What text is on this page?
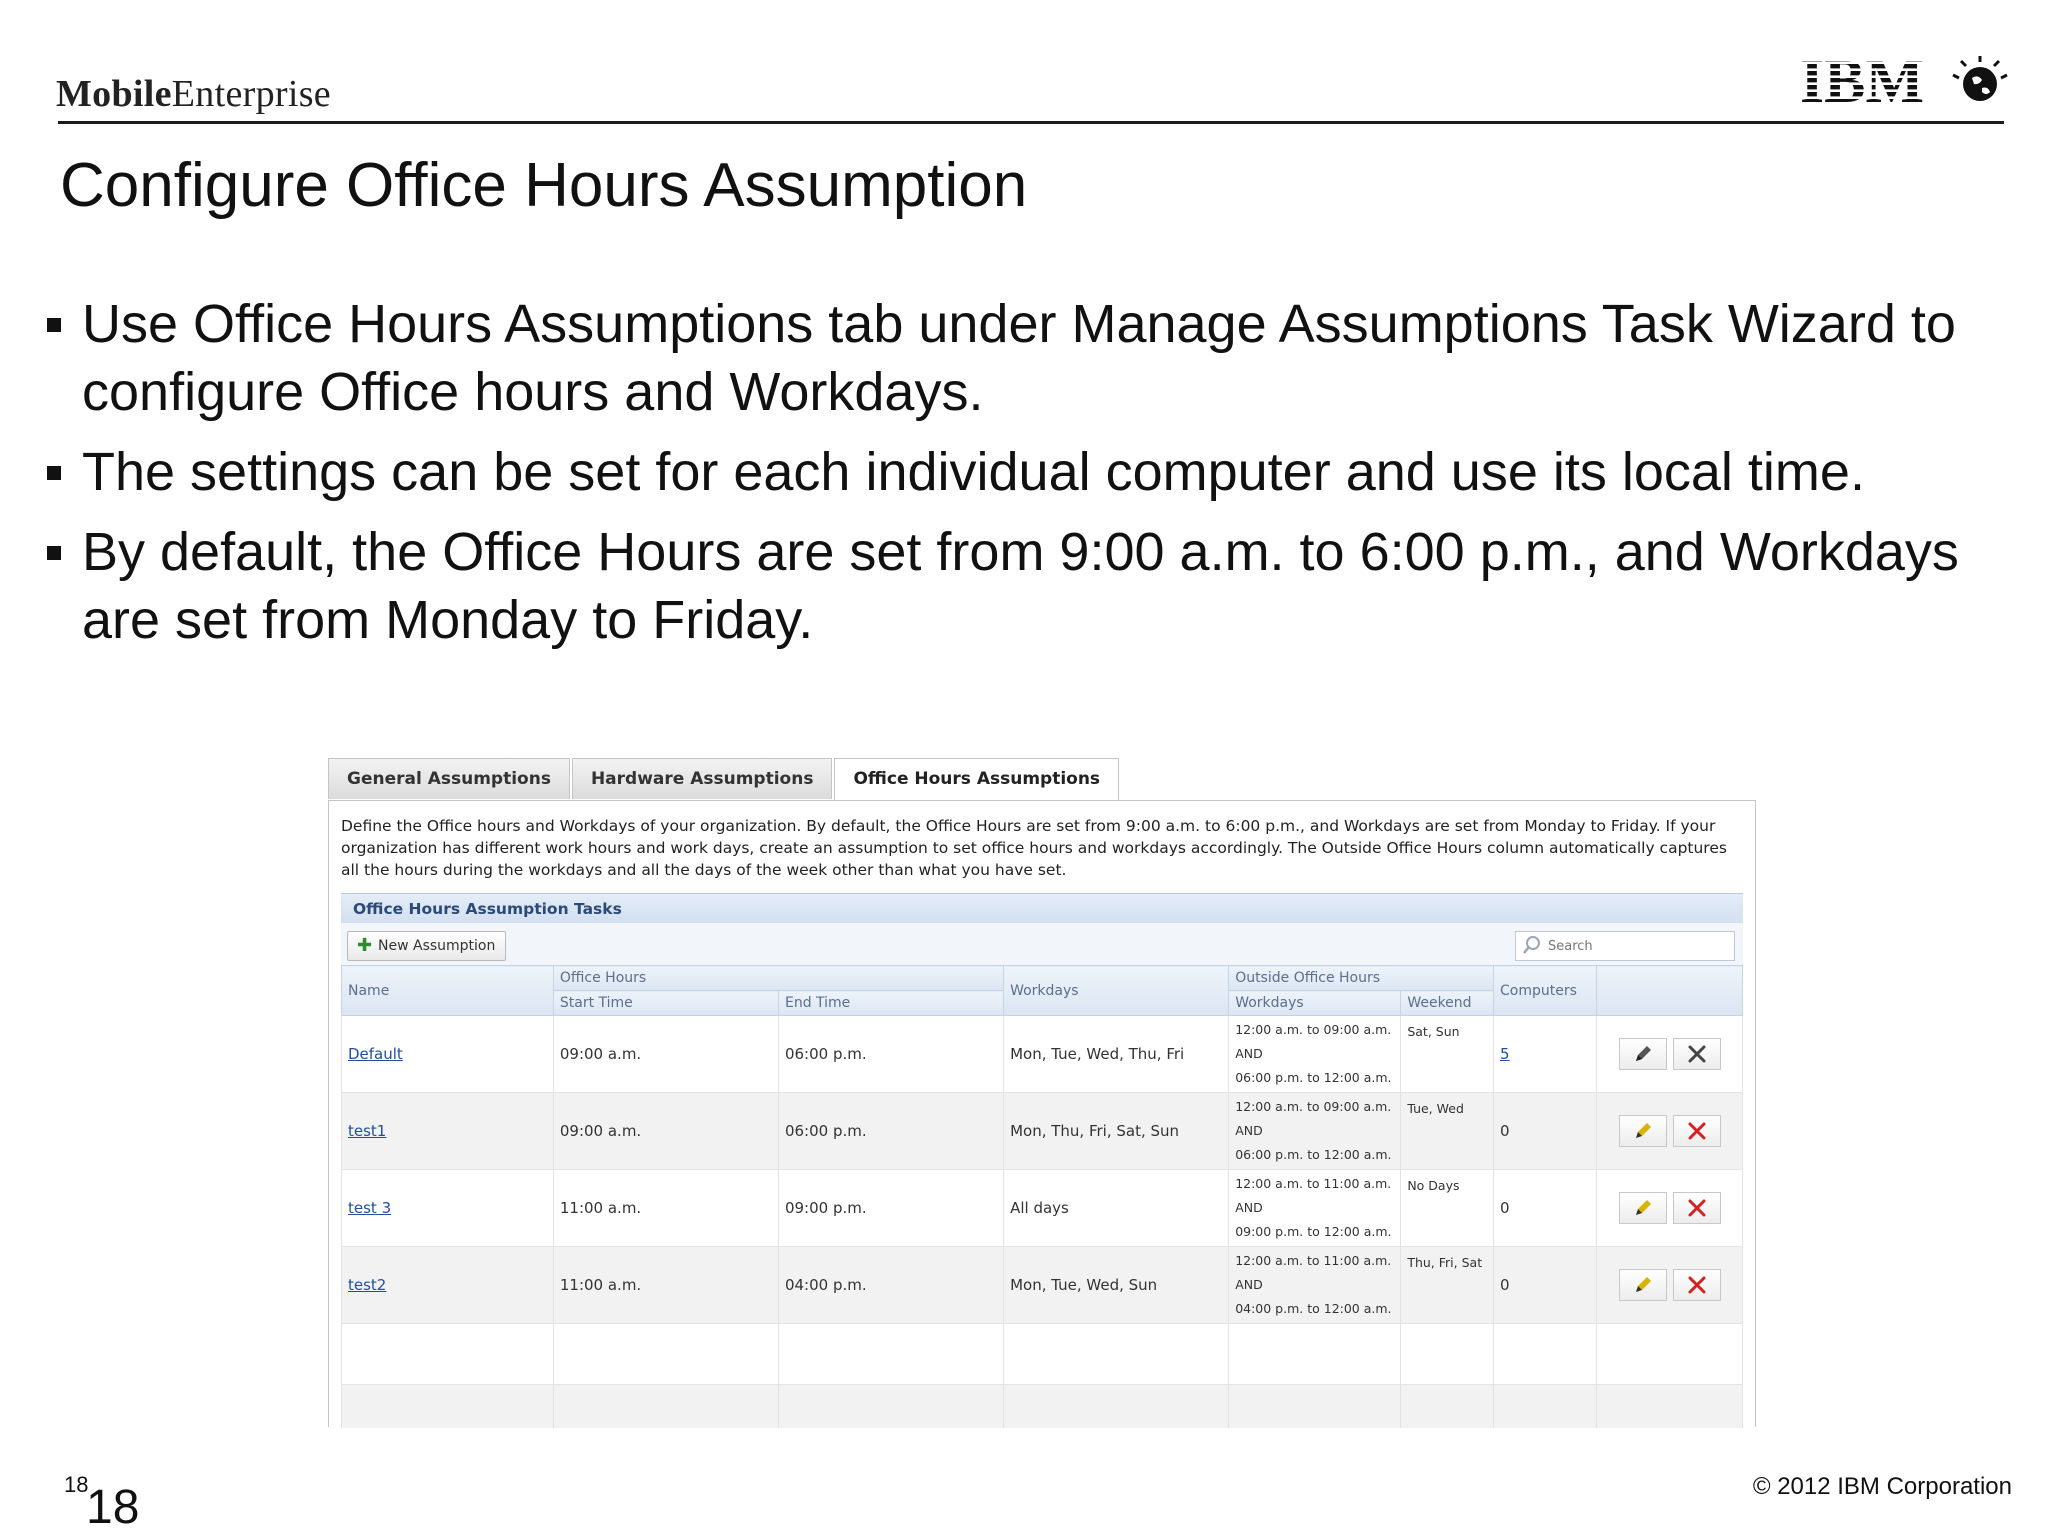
MobileEnterprise	IBM
Configure Office Hours Assumption
Use Office Hours Assumptions tab under Manage Assumptions Task Wizard to configure Office hours and Workdays.
The settings can be set for each individual computer and use its local time.
By default, the Office Hours are set from 9:00 a.m. to 6:00 p.m., and Workdays are set from Monday to Friday.
General Assumptions	Hardware Assumptions	Office Hours Assumptions
Define the Office hours and Workdays of your organization. By default, the Office Hours are set from 9:00 a.m. to 6:00 p.m., and Workdays are set from Monday to Friday. If your organization has different work hours and work days, create an assumption to set office hours and workdays accordingly. The Outside Office Hours column automatically captures all the hours during the workdays and all the days of the week other than what you have set.
Office Hours Assumption Tasks
✚ New Assumption
Search
Name	Office Hours		Workdays	Outside Office Hours		Computers	
	Start Time	End Time		Workdays	Weekend		
Default	09:00 a.m.	06:00 p.m.	Mon, Tue, Wed, Thu, Fri	12:00 a.m. to 09:00 a.m.
AND
06:00 p.m. to 12:00 a.m.	Sat, Sun	5	

test1	09:00 a.m.	06:00 p.m.	Mon, Thu, Fri, Sat, Sun	12:00 a.m. to 09:00 a.m.
AND
06:00 p.m. to 12:00 a.m.	Tue, Wed	0	

test 3	11:00 a.m.	09:00 p.m.	All days	12:00 a.m. to 11:00 a.m.
AND
09:00 p.m. to 12:00 a.m.	No Days	0	

test2	11:00 a.m.	04:00 p.m.	Mon, Tue, Wed, Sun	12:00 a.m. to 11:00 a.m.
AND
04:00 p.m. to 12:00 a.m.	Thu, Fri, Sat	0	

18
18	© 2012 IBM Corporation
